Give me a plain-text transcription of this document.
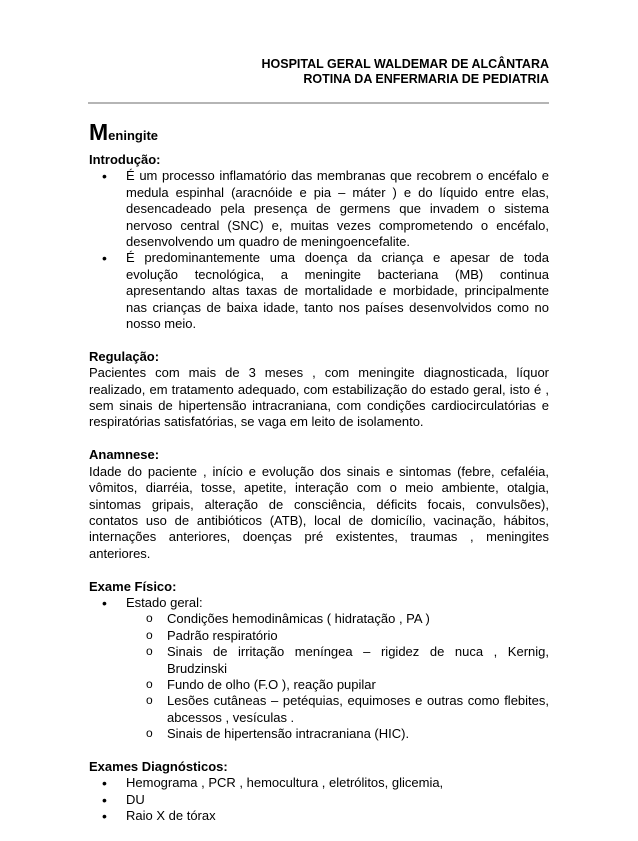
HOSPITAL GERAL WALDEMAR DE ALCÂNTARA
ROTINA DA ENFERMARIA DE PEDIATRIA
Meningite
Introdução:
• É um processo inflamatório das membranas que recobrem o encéfalo e medula espinhal (aracnóide e pia – máter ) e do líquido entre elas, desencadeado pela presença de germens que invadem o sistema nervoso central (SNC) e, muitas vezes comprometendo o encéfalo, desenvolvendo um quadro de meningoencefalite.
• É predominantemente uma doença da criança e apesar de toda evolução tecnológica, a meningite bacteriana (MB) continua apresentando altas taxas de mortalidade e morbidade, principalmente nas crianças de baixa idade, tanto nos países desenvolvidos como no nosso meio.
Regulação:

Pacientes com mais de 3 meses , com meningite diagnosticada, líquor realizado, em tratamento adequado, com estabilização do estado geral, isto é , sem sinais de hipertensão intracraniana, com condições cardiocirculatórias e respiratórias satisfatórias, se vaga em leito de isolamento.

Anamnese:

Idade do paciente , início e evolução dos sinais e sintomas (febre, cefaléia, vômitos, diarréia, tosse, apetite, interação com o meio ambiente, otalgia, sintomas gripais, alteração de consciência, déficits focais, convulsões), contatos uso de antibióticos (ATB), local de domicílio, vacinação, hábitos, internações anteriores, doenças pré existentes, traumas , meningites anteriores.

Exame Físico:
• Estado geral:
o Condições hemodinâmicas ( hidratação , PA )
o Padrão respiratório
o Sinais de irritação meníngea – rigidez de nuca , Kernig, Brudzinski
o Fundo de olho (F.O ), reação pupilar
o Lesões cutâneas – petéquias, equimoses e outras como flebites, abcessos , vesículas .
o Sinais de hipertensão intracraniana (HIC).
Exames Diagnósticos:
• Hemograma , PCR , hemocultura , eletrólitos, glicemia,
• DU
• Raio X de tórax
